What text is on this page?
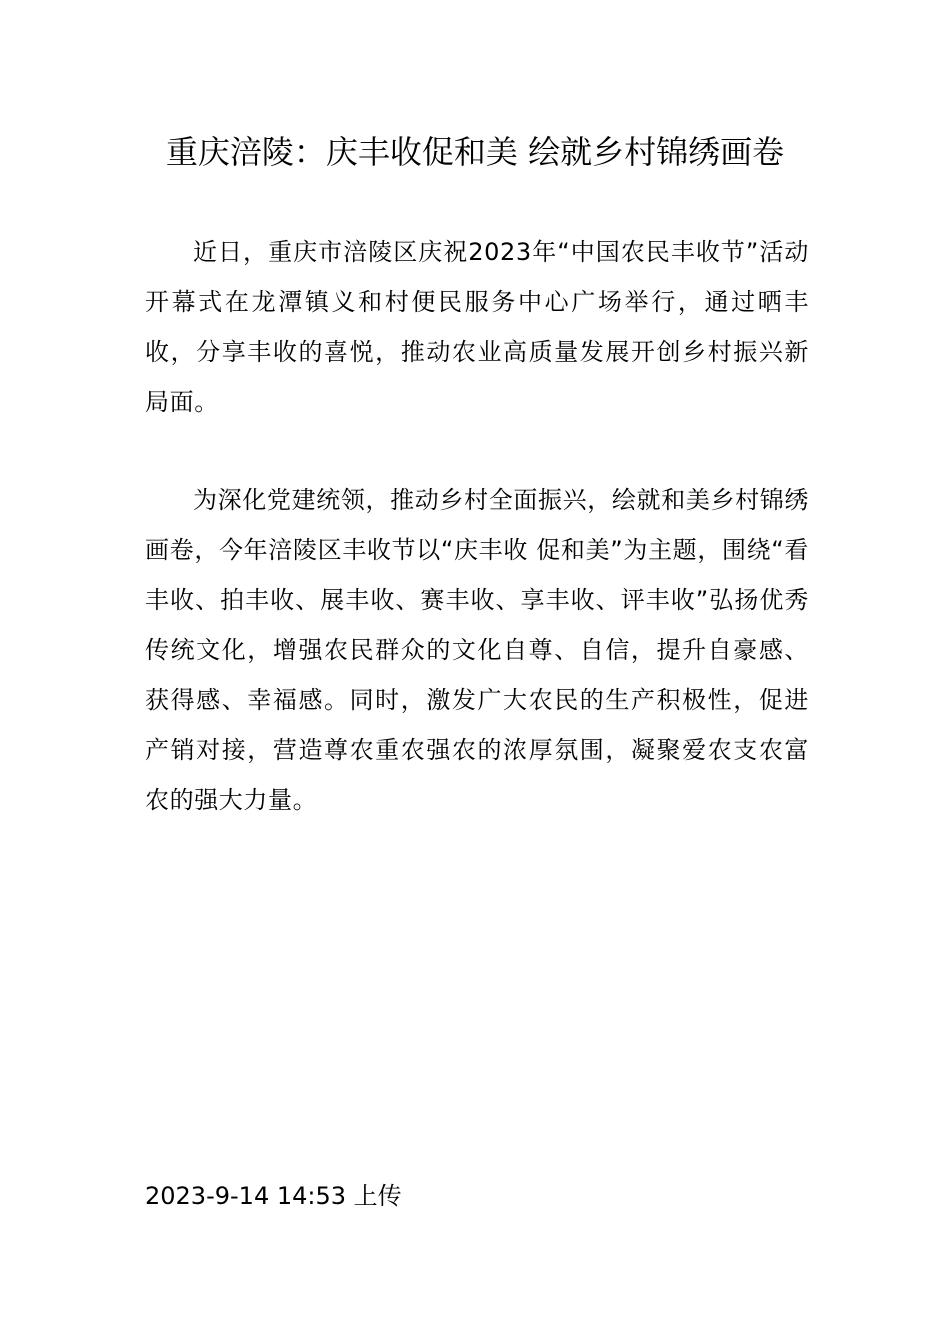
重庆涪陵：庆丰收促和美 绘就乡村锦绣画卷

近日，重庆市涪陵区庆祝2023年“中国农民丰收节”活动开幕式在龙潭镇义和村便民服务中心广场举行，通过晒丰收，分享丰收的喜悦，推动农业高质量发展开创乡村振兴新局面。

为深化党建统领，推动乡村全面振兴，绘就和美乡村锦绣画卷，今年涪陵区丰收节以“庆丰收 促和美”为主题，围绕“看丰收、拍丰收、展丰收、赛丰收、享丰收、评丰收”弘扬优秀传统文化，增强农民群众的文化自尊、自信，提升自豪感、获得感、幸福感。同时，激发广大农民的生产积极性，促进产销对接，营造尊农重农强农的浓厚氛围，凝聚爱农支农富农的强大力量。

2023-9-14 14:53 上传
